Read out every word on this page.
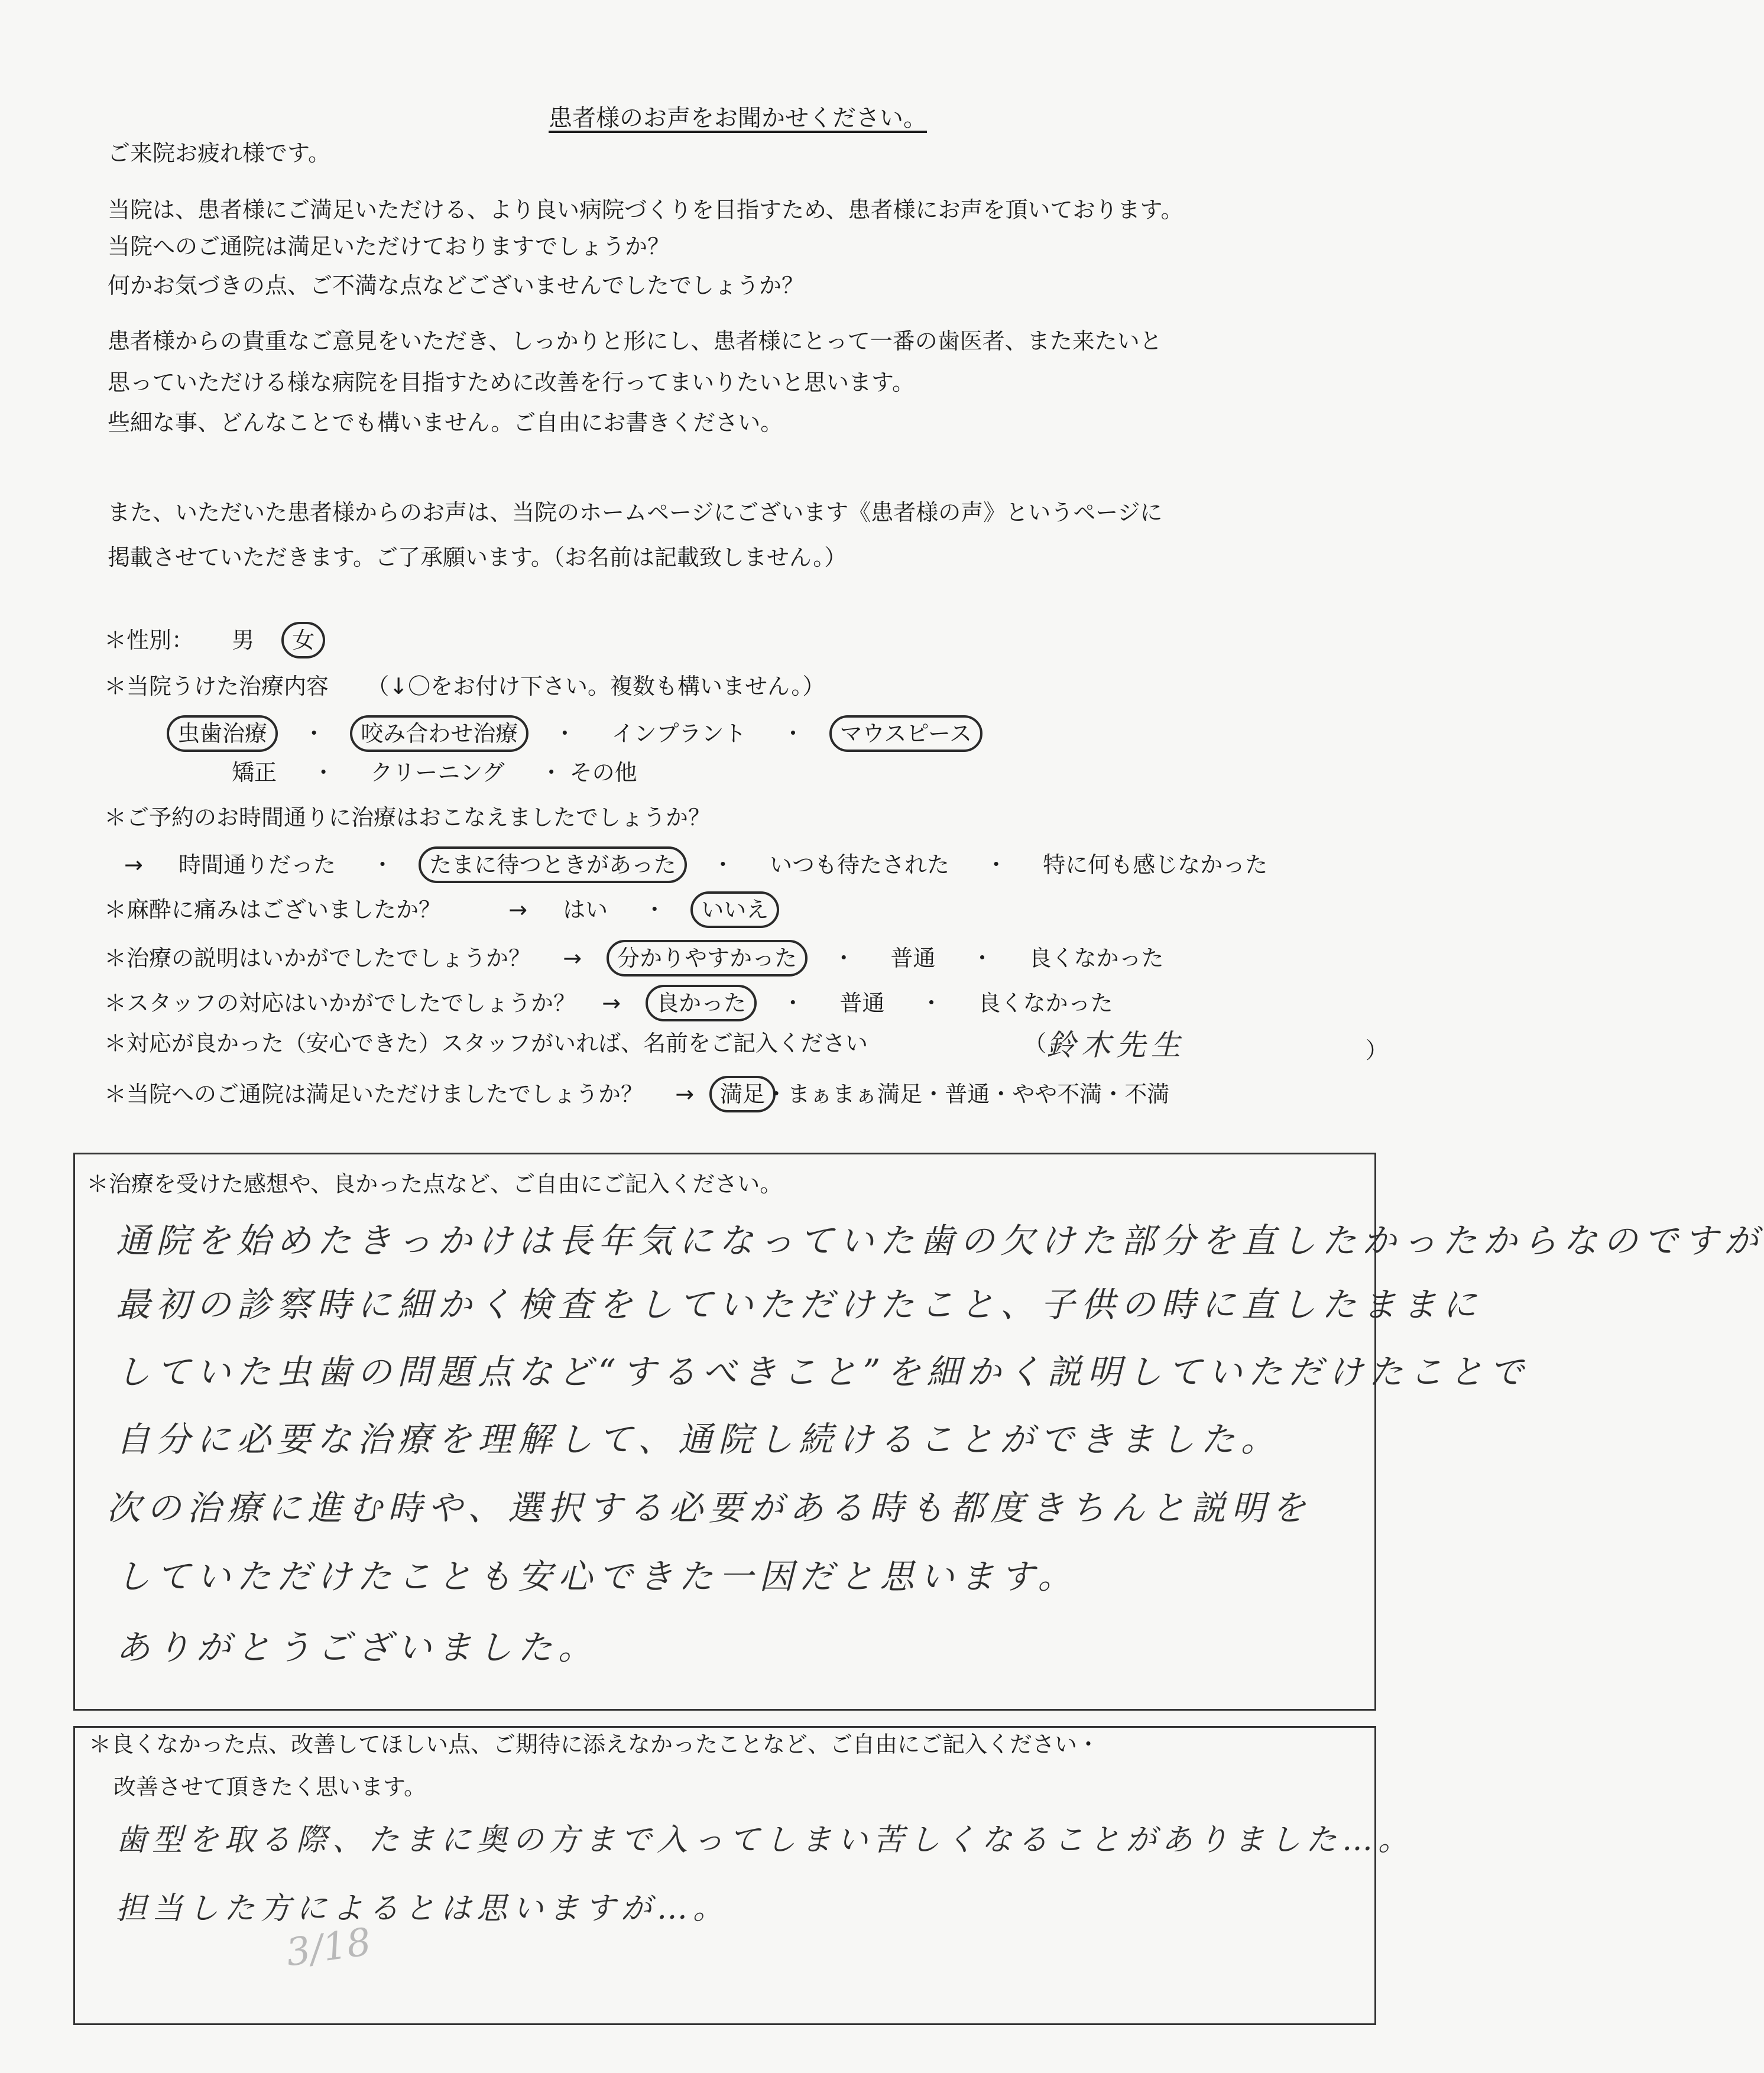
患者様のお声をお聞かせください。
ご来院お疲れ様です。
当院は、患者様にご満足いただける、より良い病院づくりを目指すため、患者様にお声を頂いております。
当院へのご通院は満足いただけておりますでしょうか？
何かお気づきの点、ご不満な点などございませんでしたでしょうか？
患者様からの貴重なご意見をいただき、しっかりと形にし、患者様にとって一番の歯医者、また来たいと
思っていただける様な病院を目指すために改善を行ってまいりたいと思います。
些細な事、どんなことでも構いません。ご自由にお書きください。
また、いただいた患者様からのお声は、当院のホームページにございます《患者様の声》というページに
掲載させていただきます。ご了承願います。（お名前は記載致しません。）
＊性別： 男 女
＊当院うけた治療内容 （↓〇をお付け下さい。複数も構いません。）
虫歯治療 ・ 咬み合わせ治療 ・ インプラント ・ マウスピース
矯正 ・ クリーニング ・ その他
＊ご予約のお時間通りに治療はおこなえましたでしょうか？
→ 時間通りだった ・ たまに待つときがあった ・ いつも待たされた ・ 特に何も感じなかった
＊麻酔に痛みはございましたか？	→ はい ・ いいえ
＊治療の説明はいかがでしたでしょうか？ → 分かりやすかった ・ 普通 ・ 良くなかった
＊スタッフの対応はいかがでしたでしょうか？ → 良かった ・ 普通 ・ 良くなかった
＊対応が良かった（安心できた）スタッフがいれば、名前をご記入ください	（ 鈴木先生	）
＊当院へのご通院は満足いただけましたでしょうか？ → 満足・まぁまぁ満足・普通・やや不満・不満
＊治療を受けた感想や、良かった点など、ご自由にご記入ください。
通院を始めたきっかけは長年気になっていた歯の欠けた部分を直したかったからなのですが
最初の診察時に細かく検査をしていただけたこと、子供の時に直したままに
していた虫歯の問題点など“するべきこと”を細かく説明していただけたことで
自分に必要な治療を理解して、通院し続けることができました。
次の治療に進む時や、選択する必要がある時も都度きちんと説明を
していただけたことも安心できた一因だと思います。
ありがとうございました。
＊良くなかった点、改善してほしい点、ご期待に添えなかったことなど、ご自由にご記入ください・
改善させて頂きたく思います。
歯型を取る際、たまに奥の方まで入ってしまい苦しくなることがありました…。
担当した方によるとは思いますが…。
3/18
